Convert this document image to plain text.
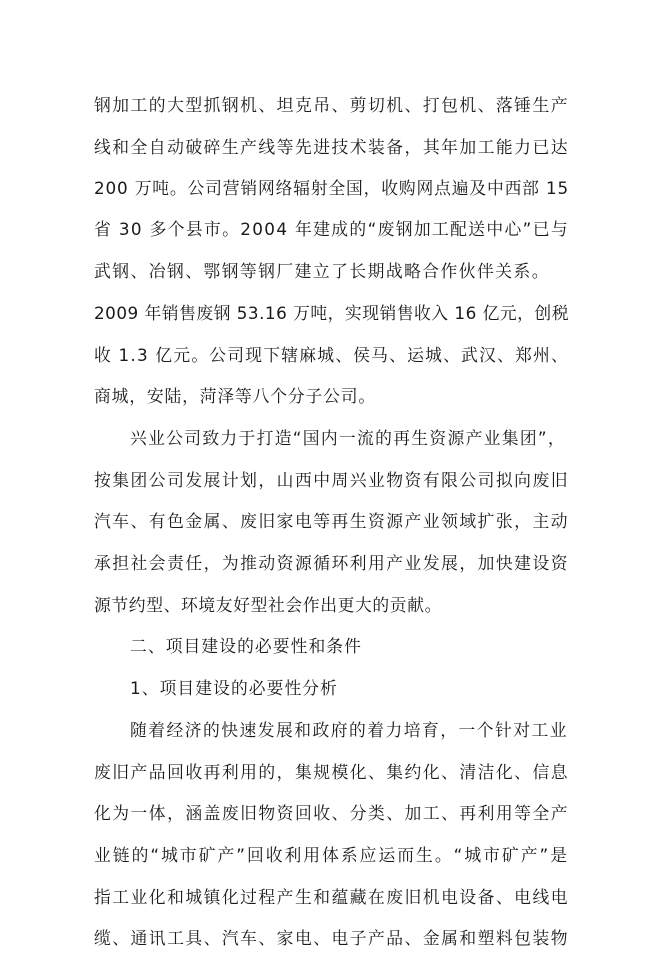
钢加工的大型抓钢机、坦克吊、剪切机、打包机、落锤生产

线和全自动破碎生产线等先进技术装备，其年加工能力已达

200 万吨。公司营销网络辐射全国，收购网点遍及中西部 15

省 30 多个县市。2004 年建成的“废钢加工配送中心”已与

武钢、冶钢、鄂钢等钢厂建立了长期战略合作伙伴关系。

2009 年销售废钢 53.16 万吨，实现销售收入 16 亿元，创税

收 1.3 亿元。公司现下辖麻城、侯马、运城、武汉、郑州、

商城，安陆，菏泽等八个分子公司。

兴业公司致力于打造“国内一流的再生资源产业集团”，

按集团公司发展计划，山西中周兴业物资有限公司拟向废旧

汽车、有色金属、废旧家电等再生资源产业领域扩张，主动

承担社会责任，为推动资源循环利用产业发展，加快建设资

源节约型、环境友好型社会作出更大的贡献。

二、项目建设的必要性和条件

1、项目建设的必要性分析

随着经济的快速发展和政府的着力培育，一个针对工业

废旧产品回收再利用的，集规模化、集约化、清洁化、信息

化为一体，涵盖废旧物资回收、分类、加工、再利用等全产

业链的“城市矿产”回收利用体系应运而生。“城市矿产”是

指工业化和城镇化过程产生和蕴藏在废旧机电设备、电线电

缆、通讯工具、汽车、家电、电子产品、金属和塑料包装物
